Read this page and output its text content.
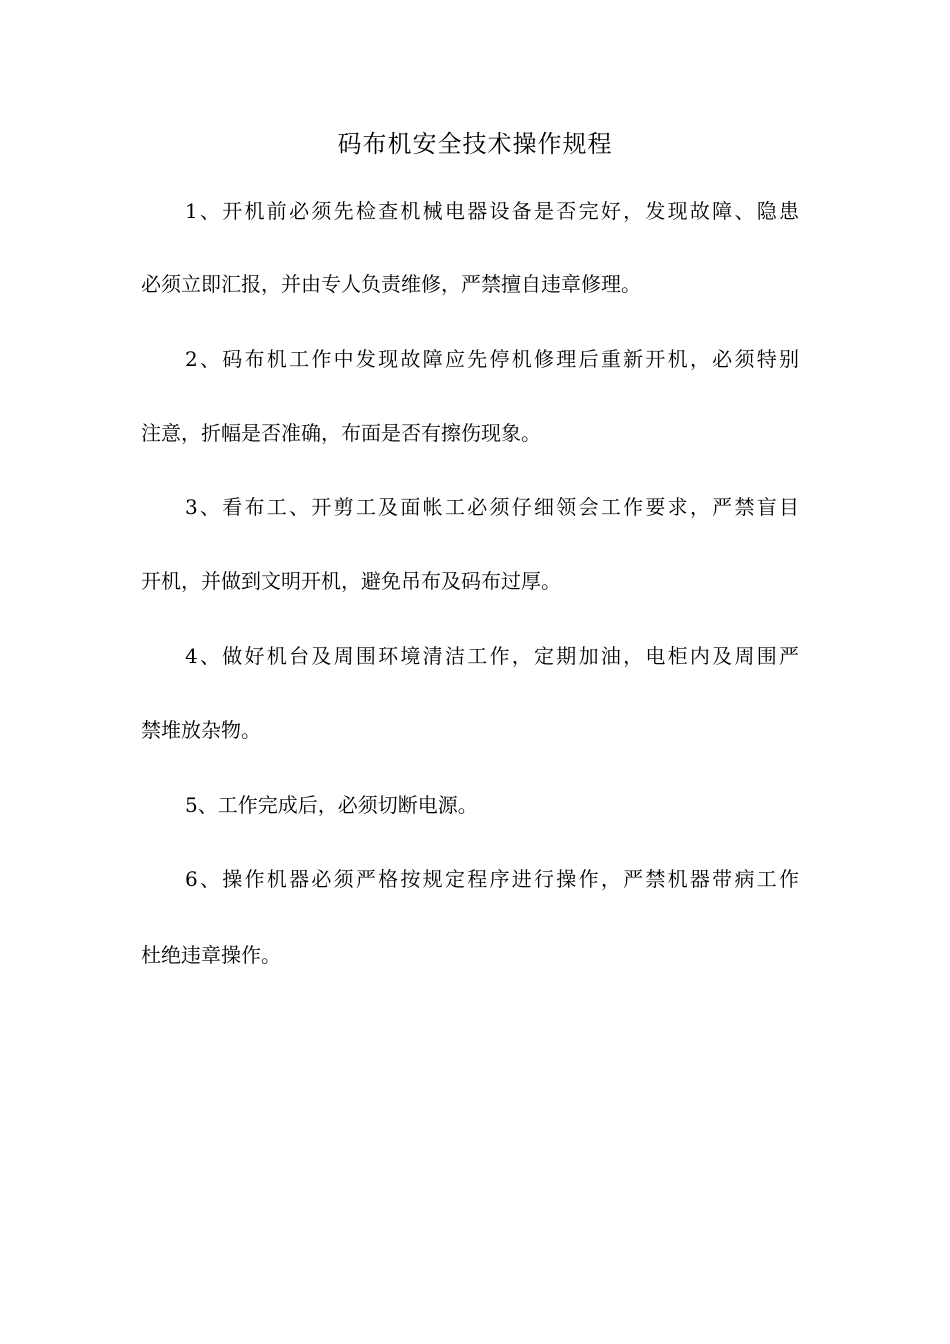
码布机安全技术操作规程
1、开机前必须先检查机械电器设备是否完好，发现故障、隐患
必须立即汇报，并由专人负责维修，严禁擅自违章修理。
2、码布机工作中发现故障应先停机修理后重新开机，必须特别
注意，折幅是否准确，布面是否有擦伤现象。
3、看布工、开剪工及面帐工必须仔细领会工作要求，严禁盲目
开机，并做到文明开机，避免吊布及码布过厚。
4、做好机台及周围环境清洁工作，定期加油，电柜内及周围严
禁堆放杂物。
5、工作完成后，必须切断电源。
6、操作机器必须严格按规定程序进行操作，严禁机器带病工作
杜绝违章操作。
